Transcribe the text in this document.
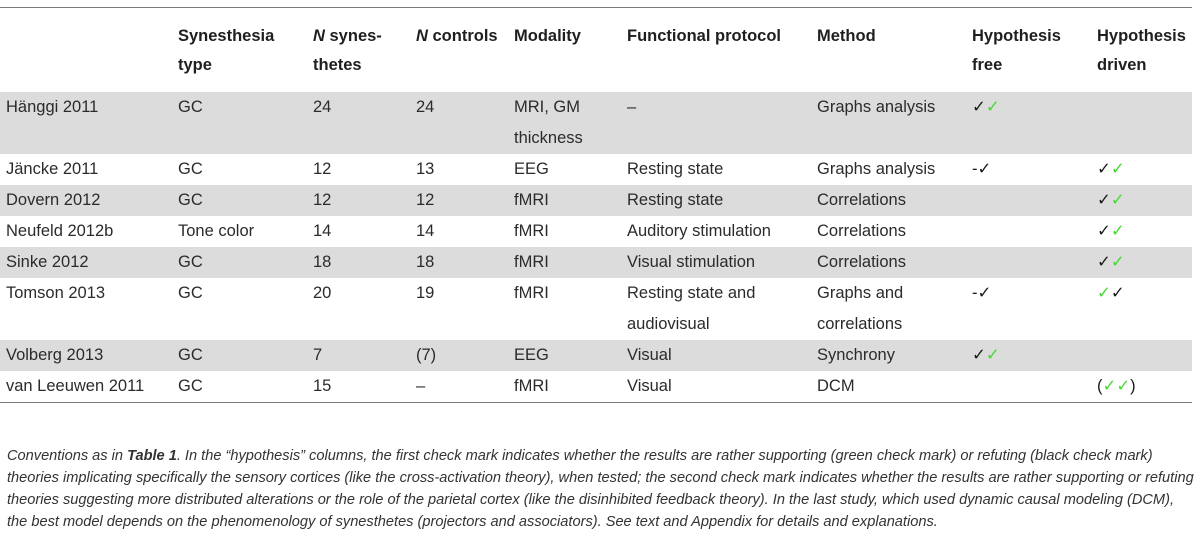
	Synesthesia type	N synes-thetes	N controls	Modality	Functional protocol	Method	Hypothesis free	Hypothesis driven
Hänggi 2011	GC	24	24	MRI, GM thickness	–	Graphs analysis	✓✓	
Jäncke 2011	GC	12	13	EEG	Resting state	Graphs analysis	-✓	✓✓
Dovern 2012	GC	12	12	fMRI	Resting state	Correlations		✓✓
Neufeld 2012b	Tone color	14	14	fMRI	Auditory stimulation	Correlations		✓✓
Sinke 2012	GC	18	18	fMRI	Visual stimulation	Correlations		✓✓
Tomson 2013	GC	20	19	fMRI	Resting state and audiovisual	Graphs and correlations	-✓	✓✓
Volberg 2013	GC	7	(7)	EEG	Visual	Synchrony	✓✓	
van Leeuwen 2011	GC	15	–	fMRI	Visual	DCM		(✓✓)

Conventions as in Table 1. In the “hypothesis” columns, the first check mark indicates whether the results are rather supporting (green check mark) or refuting (black check mark) theories implicating specifically the sensory cortices (like the cross-activation theory), when tested; the second check mark indicates whether the results are rather supporting or refuting theories suggesting more distributed alterations or the role of the parietal cortex (like the disinhibited feedback theory). In the last study, which used dynamic causal modeling (DCM), the best model depends on the phenomenology of synesthetes (projectors and associators). See text and Appendix for details and explanations.
